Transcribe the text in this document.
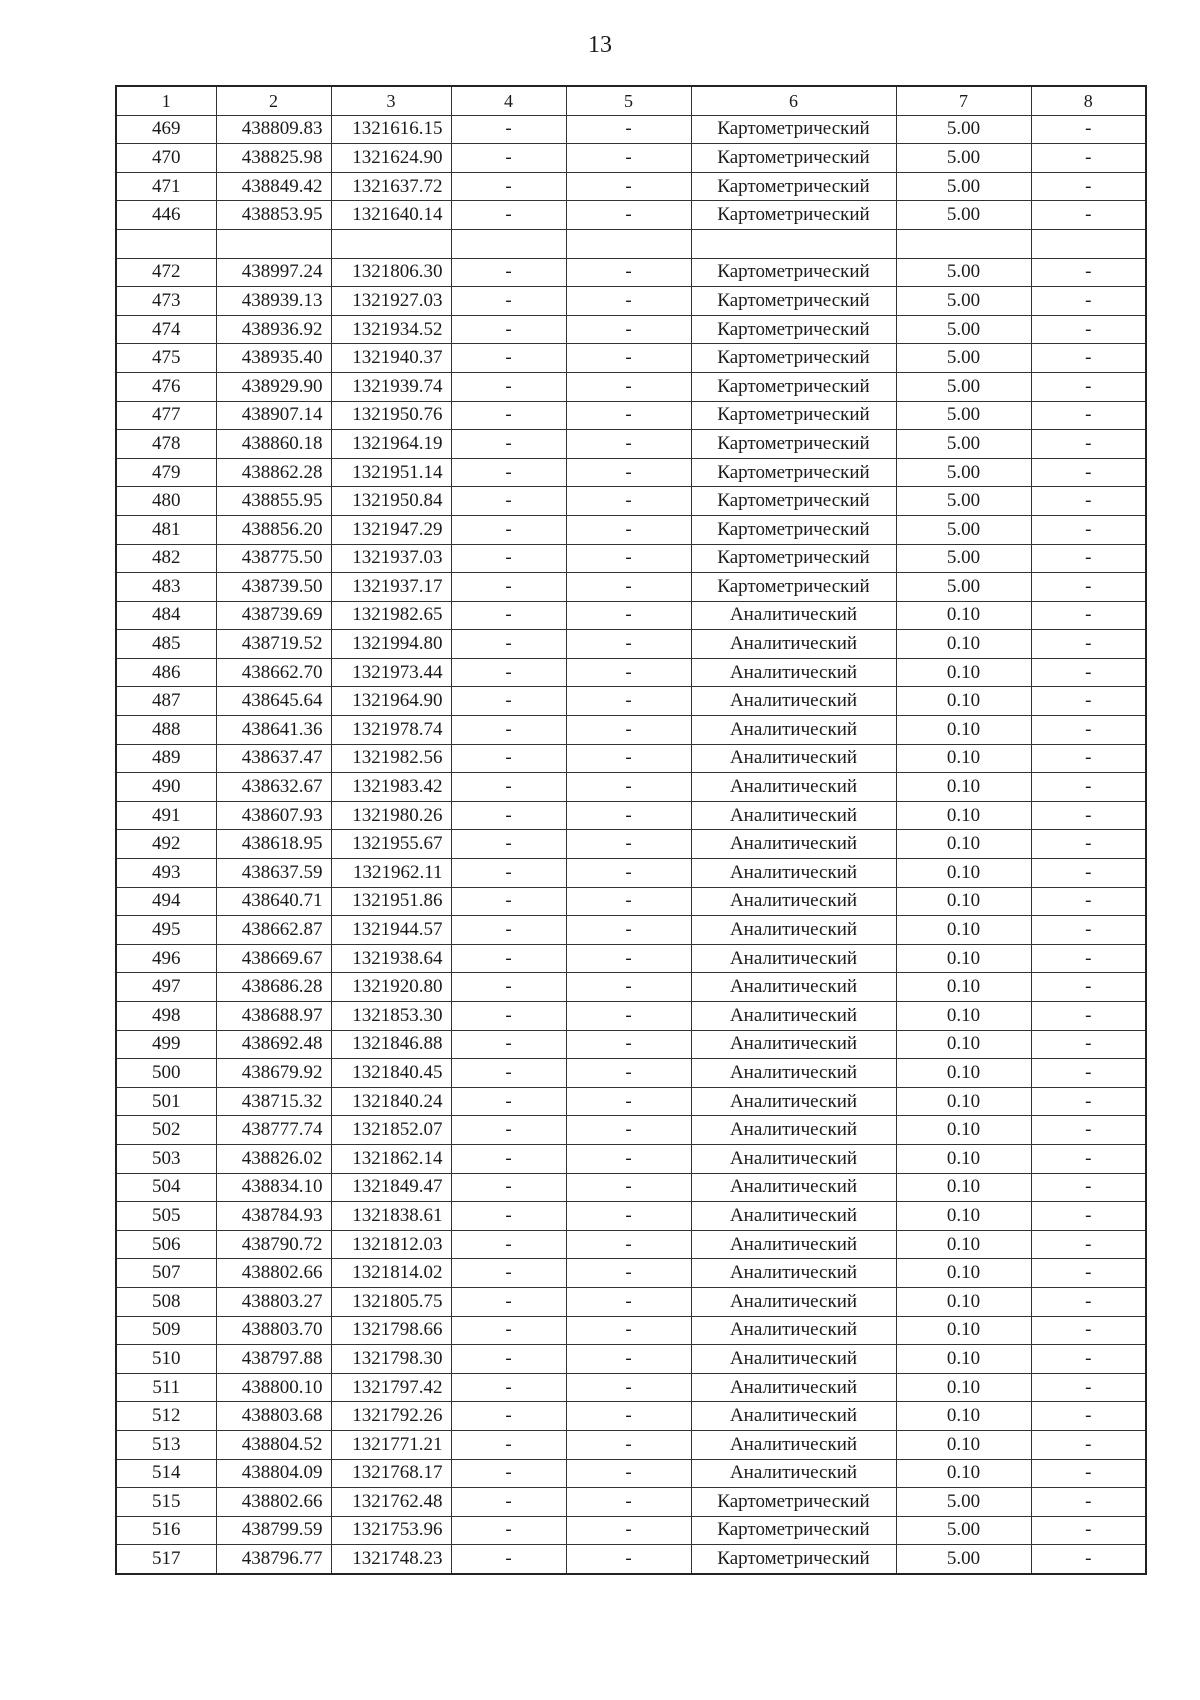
13
1	2	3	4	5	6	7	8
469	438809.83	1321616.15	-	-	Картометрический	5.00	-
470	438825.98	1321624.90	-	-	Картометрический	5.00	-
471	438849.42	1321637.72	-	-	Картометрический	5.00	-
446	438853.95	1321640.14	-	-	Картометрический	5.00	-

472	438997.24	1321806.30	-	-	Картометрический	5.00	-
473	438939.13	1321927.03	-	-	Картометрический	5.00	-
474	438936.92	1321934.52	-	-	Картометрический	5.00	-
475	438935.40	1321940.37	-	-	Картометрический	5.00	-
476	438929.90	1321939.74	-	-	Картометрический	5.00	-
477	438907.14	1321950.76	-	-	Картометрический	5.00	-
478	438860.18	1321964.19	-	-	Картометрический	5.00	-
479	438862.28	1321951.14	-	-	Картометрический	5.00	-
480	438855.95	1321950.84	-	-	Картометрический	5.00	-
481	438856.20	1321947.29	-	-	Картометрический	5.00	-
482	438775.50	1321937.03	-	-	Картометрический	5.00	-
483	438739.50	1321937.17	-	-	Картометрический	5.00	-
484	438739.69	1321982.65	-	-	Аналитический	0.10	-
485	438719.52	1321994.80	-	-	Аналитический	0.10	-
486	438662.70	1321973.44	-	-	Аналитический	0.10	-
487	438645.64	1321964.90	-	-	Аналитический	0.10	-
488	438641.36	1321978.74	-	-	Аналитический	0.10	-
489	438637.47	1321982.56	-	-	Аналитический	0.10	-
490	438632.67	1321983.42	-	-	Аналитический	0.10	-
491	438607.93	1321980.26	-	-	Аналитический	0.10	-
492	438618.95	1321955.67	-	-	Аналитический	0.10	-
493	438637.59	1321962.11	-	-	Аналитический	0.10	-
494	438640.71	1321951.86	-	-	Аналитический	0.10	-
495	438662.87	1321944.57	-	-	Аналитический	0.10	-
496	438669.67	1321938.64	-	-	Аналитический	0.10	-
497	438686.28	1321920.80	-	-	Аналитический	0.10	-
498	438688.97	1321853.30	-	-	Аналитический	0.10	-
499	438692.48	1321846.88	-	-	Аналитический	0.10	-
500	438679.92	1321840.45	-	-	Аналитический	0.10	-
501	438715.32	1321840.24	-	-	Аналитический	0.10	-
502	438777.74	1321852.07	-	-	Аналитический	0.10	-
503	438826.02	1321862.14	-	-	Аналитический	0.10	-
504	438834.10	1321849.47	-	-	Аналитический	0.10	-
505	438784.93	1321838.61	-	-	Аналитический	0.10	-
506	438790.72	1321812.03	-	-	Аналитический	0.10	-
507	438802.66	1321814.02	-	-	Аналитический	0.10	-
508	438803.27	1321805.75	-	-	Аналитический	0.10	-
509	438803.70	1321798.66	-	-	Аналитический	0.10	-
510	438797.88	1321798.30	-	-	Аналитический	0.10	-
511	438800.10	1321797.42	-	-	Аналитический	0.10	-
512	438803.68	1321792.26	-	-	Аналитический	0.10	-
513	438804.52	1321771.21	-	-	Аналитический	0.10	-
514	438804.09	1321768.17	-	-	Аналитический	0.10	-
515	438802.66	1321762.48	-	-	Картометрический	5.00	-
516	438799.59	1321753.96	-	-	Картометрический	5.00	-
517	438796.77	1321748.23	-	-	Картометрический	5.00	-
